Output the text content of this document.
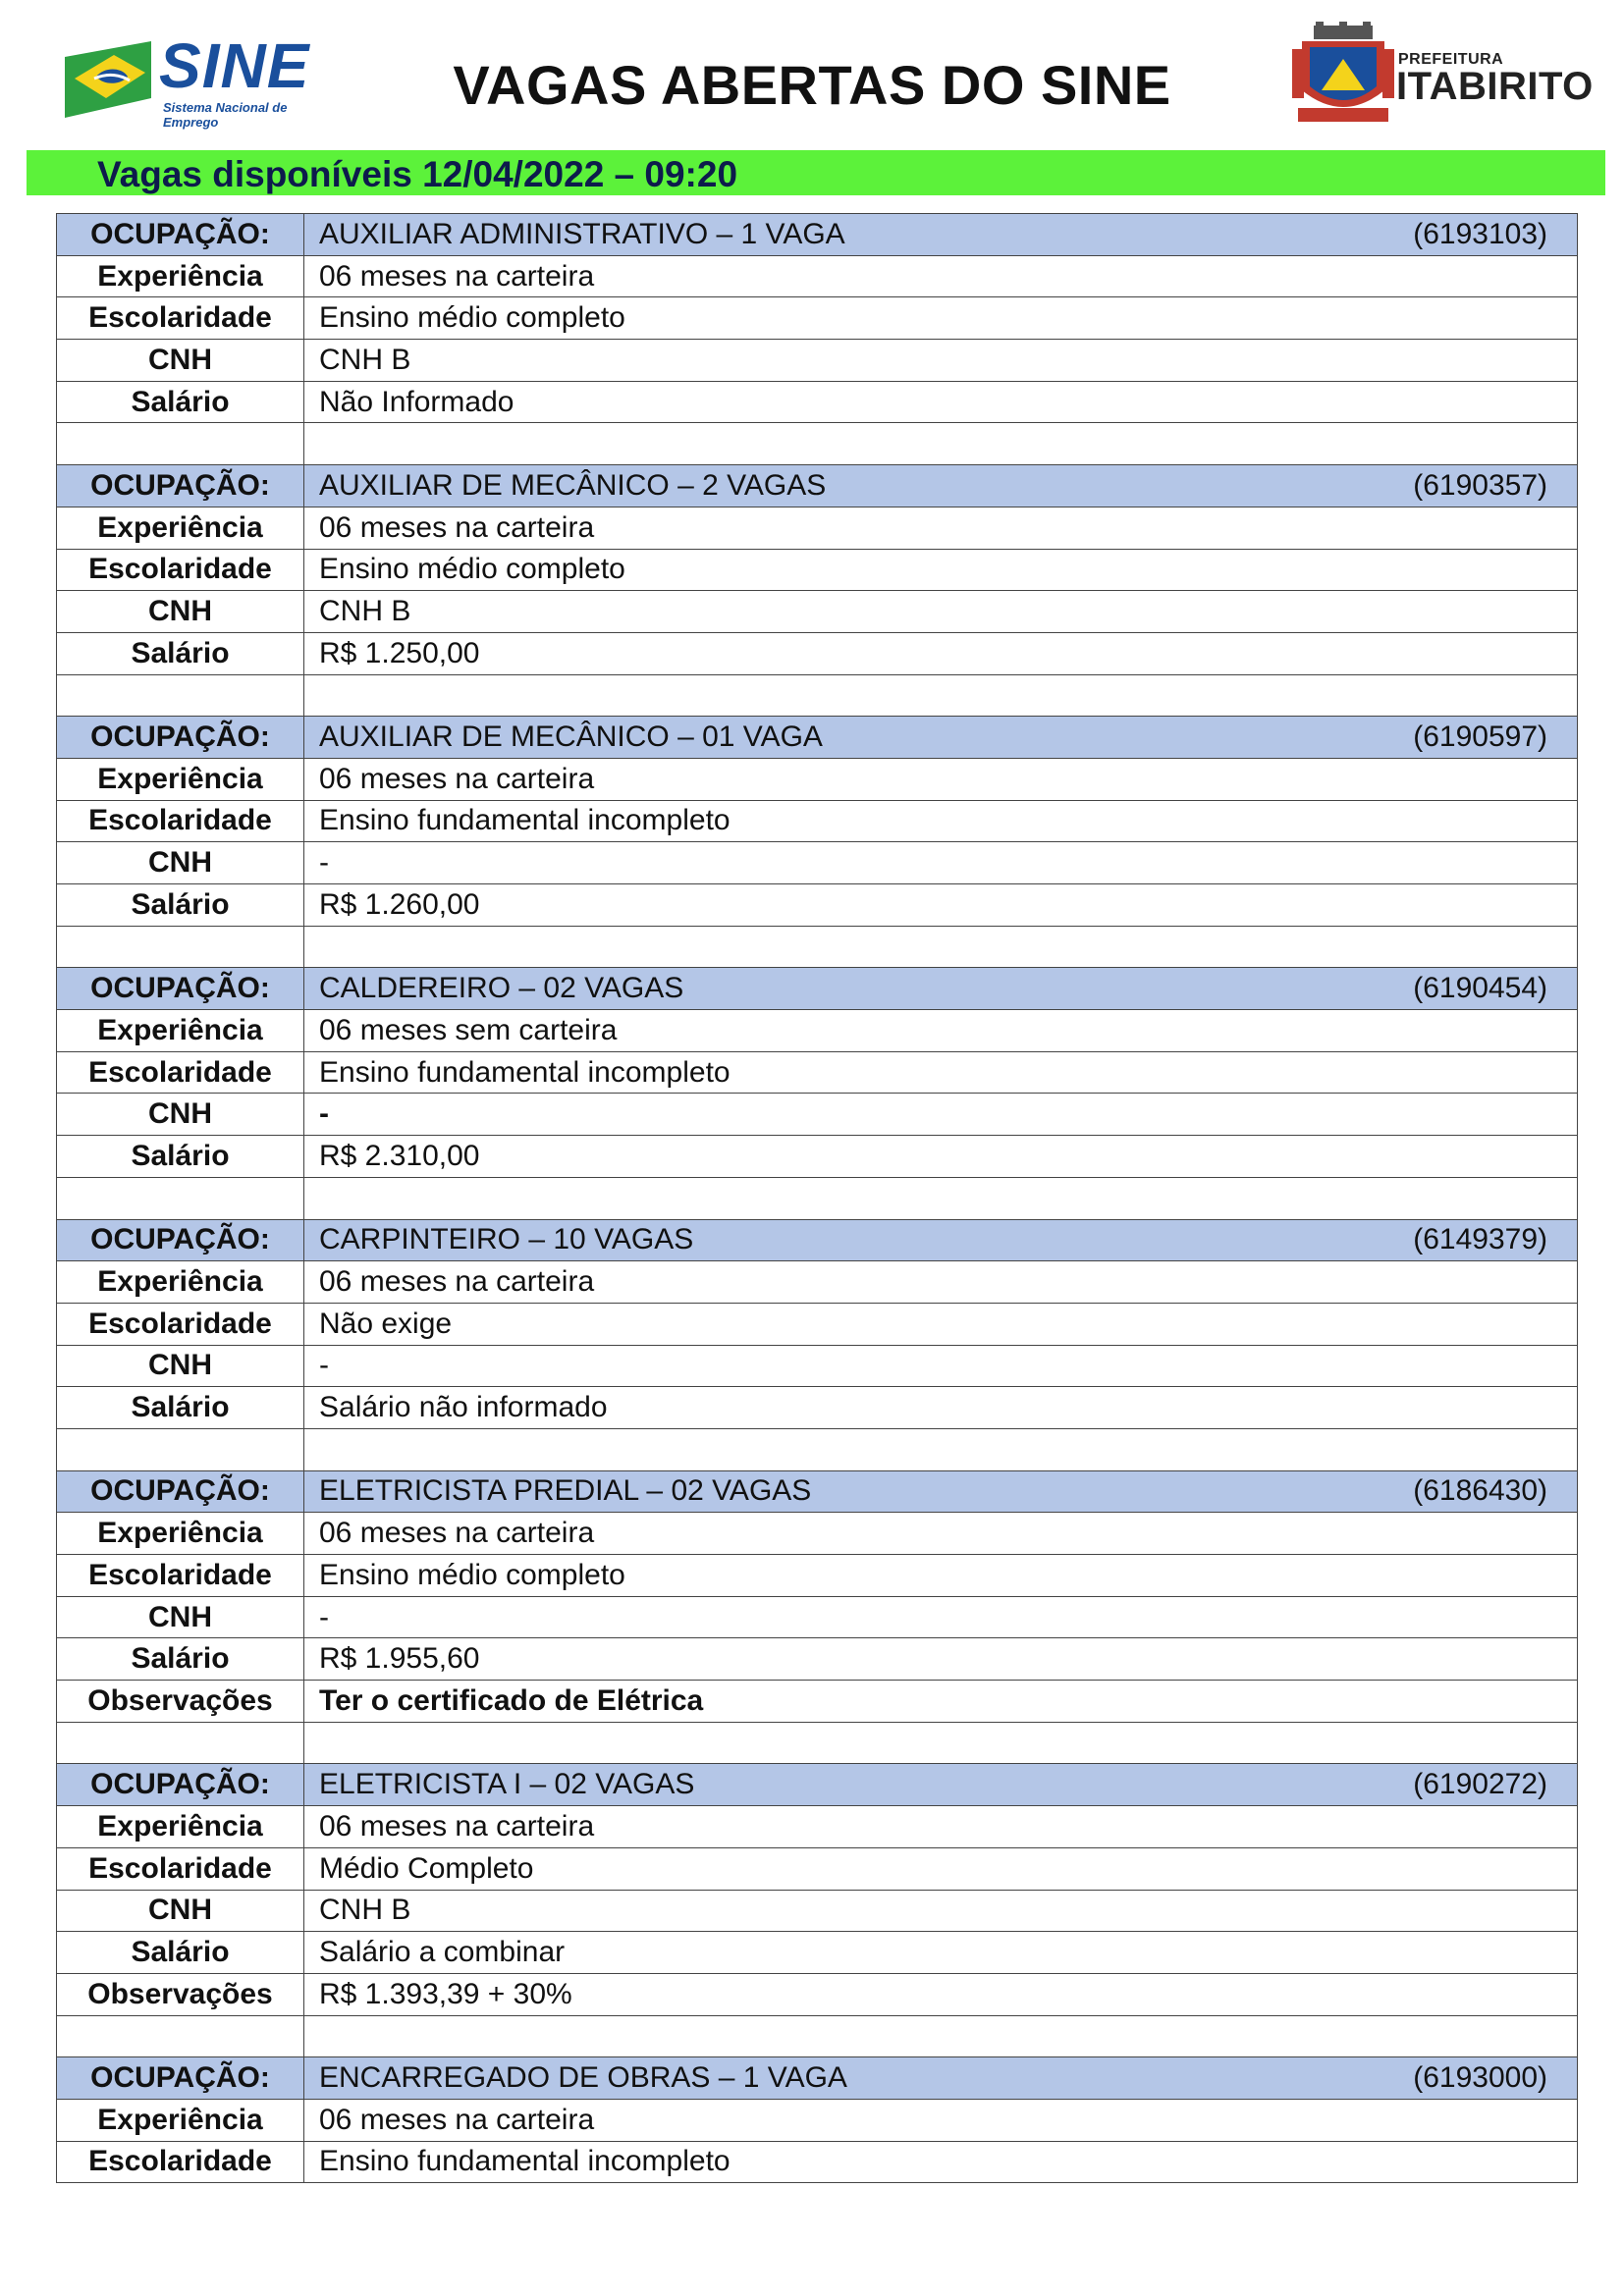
SINE
Sistema Nacional de Emprego
VAGAS ABERTAS DO SINE	PREFEITURA
ITABIRITO
Vagas disponíveis 12/04/2022 – 09:20
OCUPAÇÃO:	AUXILIAR ADMINISTRATIVO – 1 VAGA (6193103)

Experiência	06 meses na carteira
Escolaridade	Ensino médio completo
CNH	CNH B
Salário	Não Informado

OCUPAÇÃO:	AUXILIAR DE MECÂNICO – 2 VAGAS (6190357)

Experiência	06 meses na carteira
Escolaridade	Ensino médio completo
CNH	CNH B
Salário	R$ 1.250,00

OCUPAÇÃO:	AUXILIAR DE MECÂNICO – 01 VAGA (6190597)

Experiência	06 meses na carteira
Escolaridade	Ensino fundamental incompleto
CNH	-
Salário	R$ 1.260,00

OCUPAÇÃO:	CALDEREIRO – 02 VAGAS (6190454)

Experiência	06 meses sem carteira
Escolaridade	Ensino fundamental incompleto
CNH	-
Salário	R$ 2.310,00

OCUPAÇÃO:	CARPINTEIRO – 10 VAGAS (6149379)

Experiência	06 meses na carteira
Escolaridade	Não exige
CNH	-
Salário	Salário não informado

OCUPAÇÃO:	ELETRICISTA PREDIAL – 02 VAGAS (6186430)

Experiência	06 meses na carteira
Escolaridade	Ensino médio completo
CNH	-
Salário	R$ 1.955,60
Observações	Ter o certificado de Elétrica

OCUPAÇÃO:	ELETRICISTA I – 02 VAGAS (6190272)

Experiência	06 meses na carteira
Escolaridade	Médio Completo
CNH	CNH B
Salário	Salário a combinar
Observações	R$ 1.393,39 + 30%

OCUPAÇÃO:	ENCARREGADO DE OBRAS – 1 VAGA (6193000)

Experiência	06 meses na carteira
Escolaridade	Ensino fundamental incompleto
